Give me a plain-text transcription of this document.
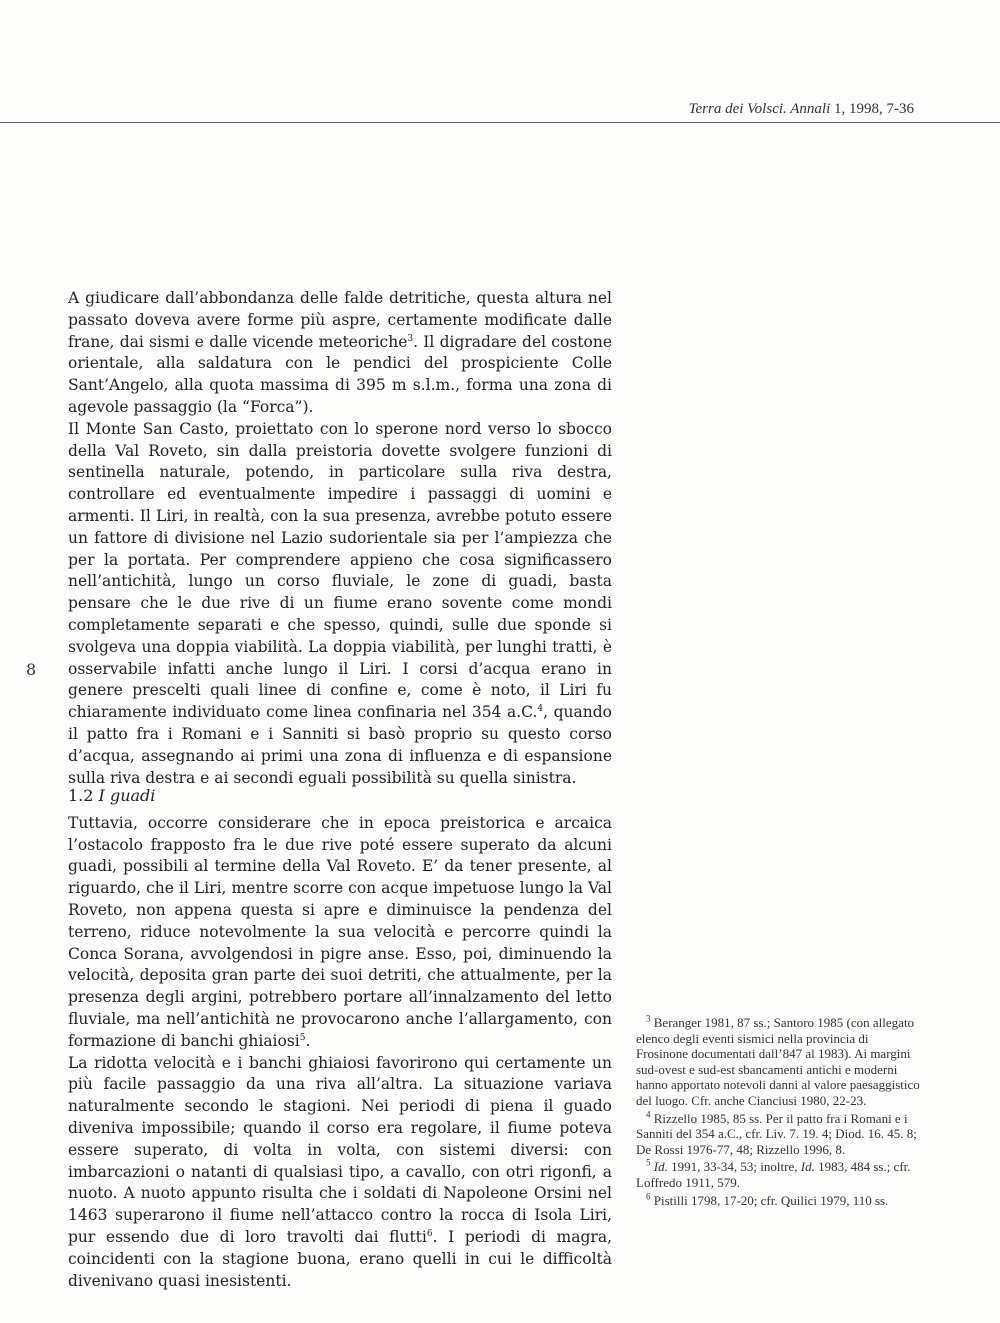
Terra dei Volsci. Annali 1, 1998, 7-36
8

A giudicare dall’abbondanza delle falde detritiche, questa altura nel passato doveva avere forme più aspre, certamente modificate dalle frane, dai sismi e dalle vicende meteoriche$^3$. Il digradare del costone orientale, alla saldatura con le pendici del prospiciente Colle Sant’Angelo, alla quota massima di 395 m s.l.m., forma una zona di agevole passaggio (la “Forca”).

Il Monte San Casto, proiettato con lo sperone nord verso lo sbocco della Val Roveto, sin dalla preistoria dovette svolgere funzioni di sentinella naturale, potendo, in particolare sulla riva destra, controllare ed eventualmente impedire i passaggi di uomini e armenti. Il Liri, in realtà, con la sua presenza, avrebbe potuto essere un fattore di divisione nel Lazio sudorientale sia per l’ampiezza che per la portata. Per comprendere appieno che cosa significassero nell’antichità, lungo un corso fluviale, le zone di guadi, basta pensare che le due rive di un fiume erano sovente come mondi completamente separati e che spesso, quindi, sulle due sponde si svolgeva una doppia viabilità. La doppia viabilità, per lunghi tratti, è osservabile infatti anche lungo il Liri. I corsi d’acqua erano in genere prescelti quali linee di confine e, come è noto, il Liri fu chiaramente individuato come linea confinaria nel 354 a.C.$^4$, quando il patto fra i Romani e i Sanniti si basò proprio su questo corso d’acqua, assegnando ai primi una zona di influenza e di espansione sulla riva destra e ai secondi eguali possibilità su quella sinistra.

1.2 I guadi

Tuttavia, occorre considerare che in epoca preistorica e arcaica l’ostacolo frapposto fra le due rive poté essere superato da alcuni guadi, possibili al termine della Val Roveto. E’ da tener presente, al riguardo, che il Liri, mentre scorre con acque impetuose lungo la Val Roveto, non appena questa si apre e diminuisce la pendenza del terreno, riduce notevolmente la sua velocità e percorre quindi la Conca Sorana, avvolgendosi in pigre anse. Esso, poi, diminuendo la velocità, deposita gran parte dei suoi detriti, che attualmente, per la presenza degli argini, potrebbero portare all’innalzamento del letto fluviale, ma nell’antichità ne provocarono anche l’allargamento, con formazione di banchi ghiaiosi$^5$.

La ridotta velocità e i banchi ghiaiosi favorirono qui certamente un più facile passaggio da una riva all’altra. La situazione variava naturalmente secondo le stagioni. Nei periodi di piena il guado diveniva impossibile; quando il corso era regolare, il fiume poteva essere superato, di volta in volta, con sistemi diversi: con imbarcazioni o natanti di qualsiasi tipo, a cavallo, con otri rigonfi, a nuoto. A nuoto appunto risulta che i soldati di Napoleone Orsini nel 1463 superarono il fiume nell’attacco contro la rocca di Isola Liri, pur essendo due di loro travolti dai flutti$^6$. I periodi di magra, coincidenti con la stagione buona, erano quelli in cui le difficoltà divenivano quasi inesistenti.

$^3$ Beranger 1981, 87 ss.; Santoro 1985 (con allegato elenco degli eventi sismici nella provincia di Frosinone documentati dall’847 al 1983). Ai margini sud-ovest e sud-est sbancamenti antichi e moderni hanno apportato notevoli danni al valore paesaggistico del luogo. Cfr. anche Cianciusi 1980, 22-23.

$^4$ Rizzello 1985, 85 ss. Per il patto fra i Romani e i Sanniti del 354 a.C., cfr. Liv. 7. 19. 4; Diod. 16. 45. 8; De Rossi 1976-77, 48; Rizzello 1996, 8.

$^5$ Id. 1991, 33-34, 53; inoltre, Id. 1983, 484 ss.; cfr. Loffredo 1911, 579.

$^6$ Pistilli 1798, 17-20; cfr. Quilici 1979, 110 ss.
